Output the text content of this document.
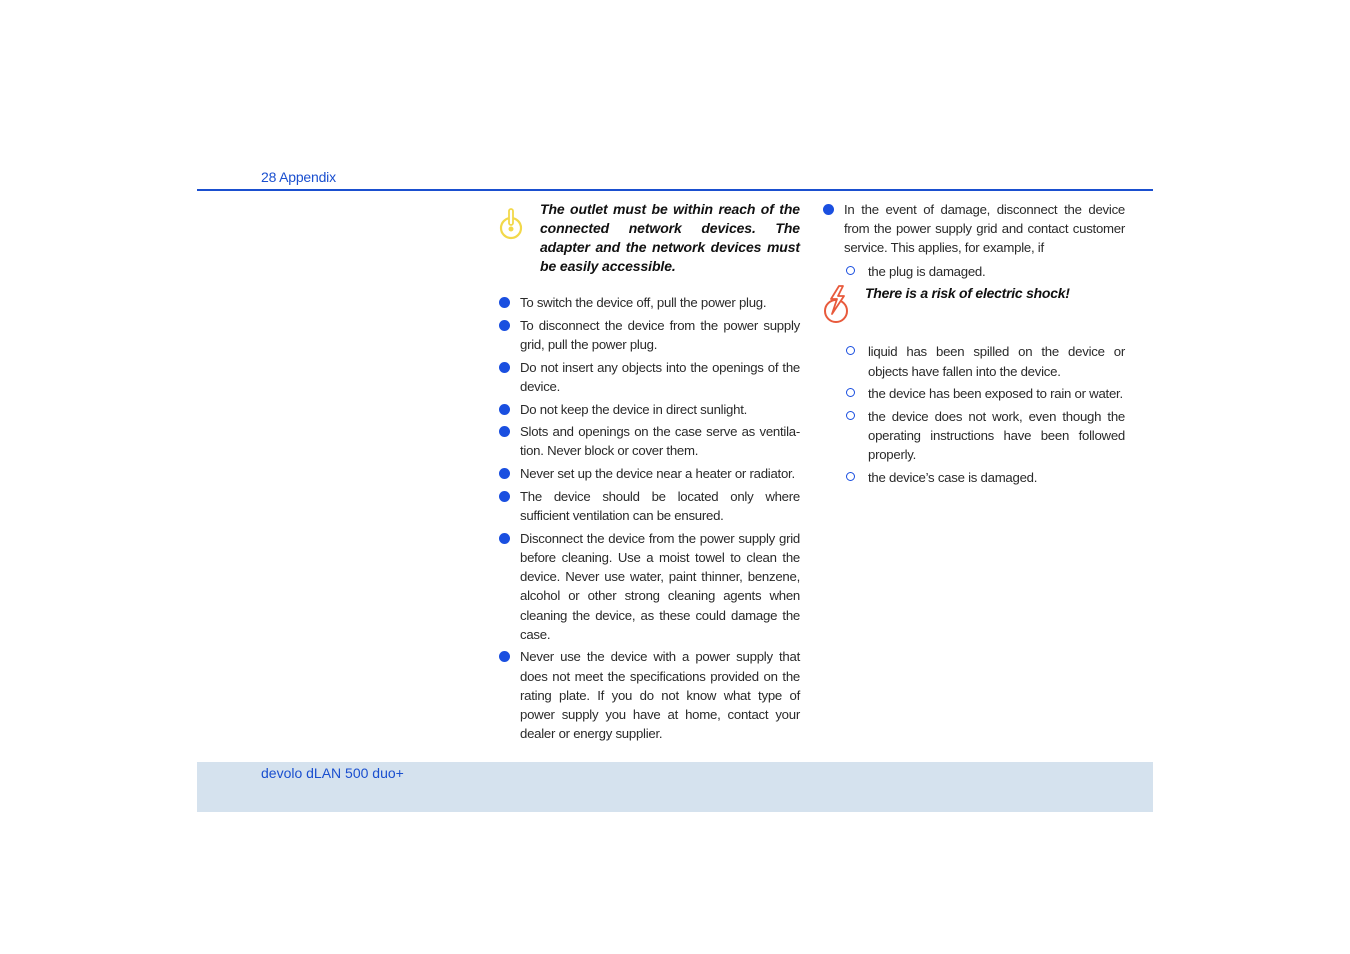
28 Appendix
The outlet must be within reach of the connected network devices. The adapter and the network devices must be easily accessible.
To switch the device off, pull the power plug.
To disconnect the device from the power supply grid, pull the power plug.
Do not insert any objects into the openings of the device.
Do not keep the device in direct sunlight.
Slots and openings on the case serve as ventila-tion. Never block or cover them.
Never set up the device near a heater or radiator.
The device should be located only where sufficient ventilation can be ensured.
Disconnect the device from the power supply grid before cleaning. Use a moist towel to clean the device. Never use water, paint thinner, benzene, alcohol or other strong cleaning agents when cleaning the device, as these could damage the case.
Never use the device with a power supply that does not meet the specifications provided on the rating plate. If you do not know what type of power supply you have at home, contact your dealer or energy supplier.
In the event of damage, disconnect the device from the power supply grid and contact customer service. This applies, for example, if
the plug is damaged.
There is a risk of electric shock!
liquid has been spilled on the device or objects have fallen into the device.
the device has been exposed to rain or water.
the device does not work, even though the operating instructions have been followed properly.
the device’s case is damaged.
devolo dLAN 500 duo+
